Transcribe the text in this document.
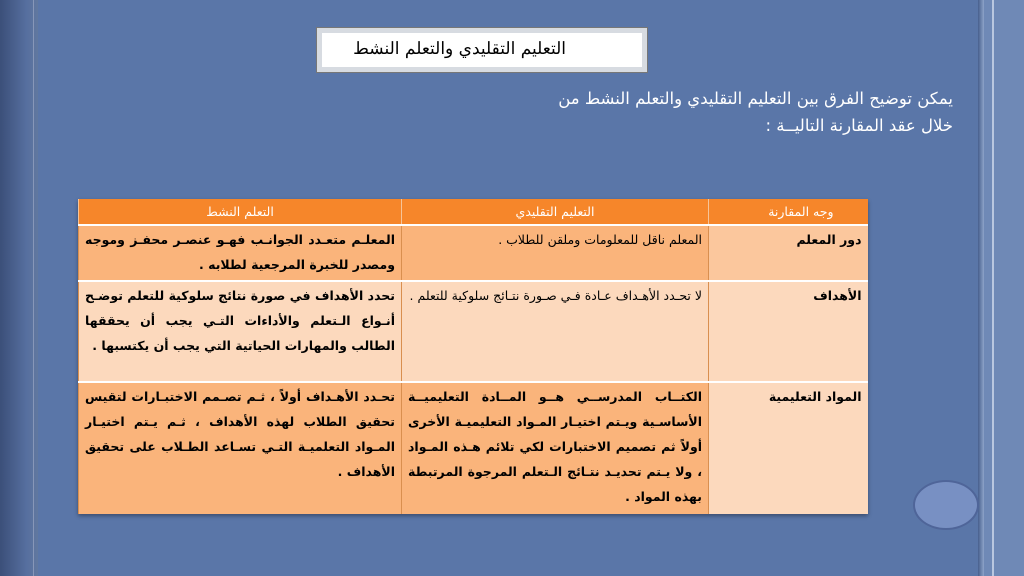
التعليم التقليدي والتعلم النشط
يمكن توضيح الفرق بين التعليم التقليدي والتعلم النشط من
خلال عقد المقارنة التاليــة :
وجه المقارنة	التعليم التقليدي	التعلم النشط
دور المعلم	المعلم ناقل للمعلومات وملقن للطلاب .	المعلـم متعـدد الجوانـب فهـو عنصـر محفـز وموجه ومصدر للخبرة المرجعية لطلابه .
الأهداف	لا تحـدد الأهـداف عـادة فـي صـورة نتـائج سلوكية للتعلم .	تحدد الأهداف في صورة نتائج سلوكية للتعلم توضـح أنـواع الـتعلم والأداءات التـي يجب أن يحققها الطالب والمهارات الحياتية التي يجب أن يكتسبها .
المواد التعليمية	الكتــاب المدرســي هــو المــادة التعليميــة الأساسـية ويـتم اختيـار المـواد التعليميـة الأخرى أولاً ثم تصميم الاختبارات لكي تلائم هـذه المـواد ، ولا يـتم تحديـد نتـائج الـتعلم المرجوة المرتبطة بهذه المواد .	تحـدد الأهـداف أولاً ، ثـم تصـمم الاختبـارات لتقيس تحقيق الطلاب لهذه الأهداف ، ثـم يـتم اختيـار المـواد التعلميـة التـي تسـاعد الطـلاب على تحقيق الأهداف .
